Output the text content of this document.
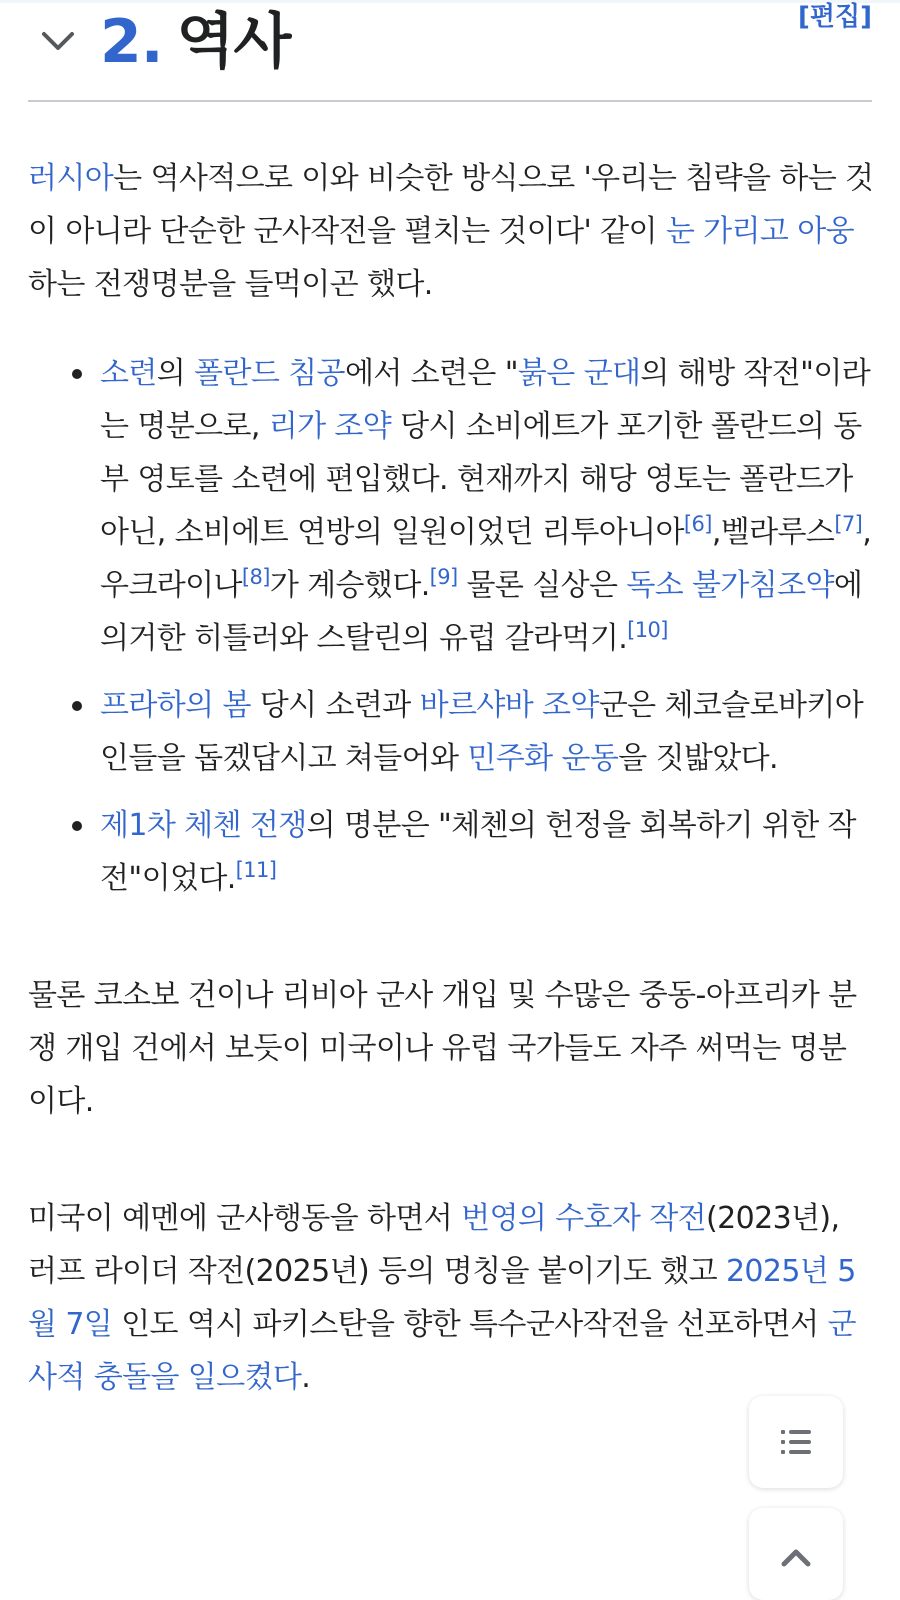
2. 역사	[편집]

러시아는 역사적으로 이와 비슷한 방식으로 '우리는 침략을 하는 것이 아니라 단순한 군사작전을 펼치는 것이다' 같이 눈 가리고 아웅하는 전쟁명분을 들먹이곤 했다.

소련의 폴란드 침공에서 소련은 "붉은 군대의 해방 작전"이라는 명분으로, 리가 조약 당시 소비에트가 포기한 폴란드의 동부 영토를 소련에 편입했다. 현재까지 해당 영토는 폴란드가 아닌, 소비에트 연방의 일원이었던 리투아니아[6],벨라루스[7], 우크라이나[8]가 계승했다.[9] 물론 실상은 독소 불가침조약에 의거한 히틀러와 스탈린의 유럽 갈라먹기.[10]
프라하의 봄 당시 소련과 바르샤바 조약군은 체코슬로바키아인들을 돕겠답시고 쳐들어와 민주화 운동을 짓밟았다.
제1차 체첸 전쟁의 명분은 "체첸의 헌정을 회복하기 위한 작전"이었다.[11]

물론 코소보 건이나 리비아 군사 개입 및 수많은 중동-아프리카 분쟁 개입 건에서 보듯이 미국이나 유럽 국가들도 자주 써먹는 명분이다.

미국이 예멘에 군사행동을 하면서 번영의 수호자 작전(2023년), 러프 라이더 작전(2025년) 등의 명칭을 붙이기도 했고 2025년 5월 7일 인도 역시 파키스탄을 향한 특수군사작전을 선포하면서 군사적 충돌을 일으켰다.
